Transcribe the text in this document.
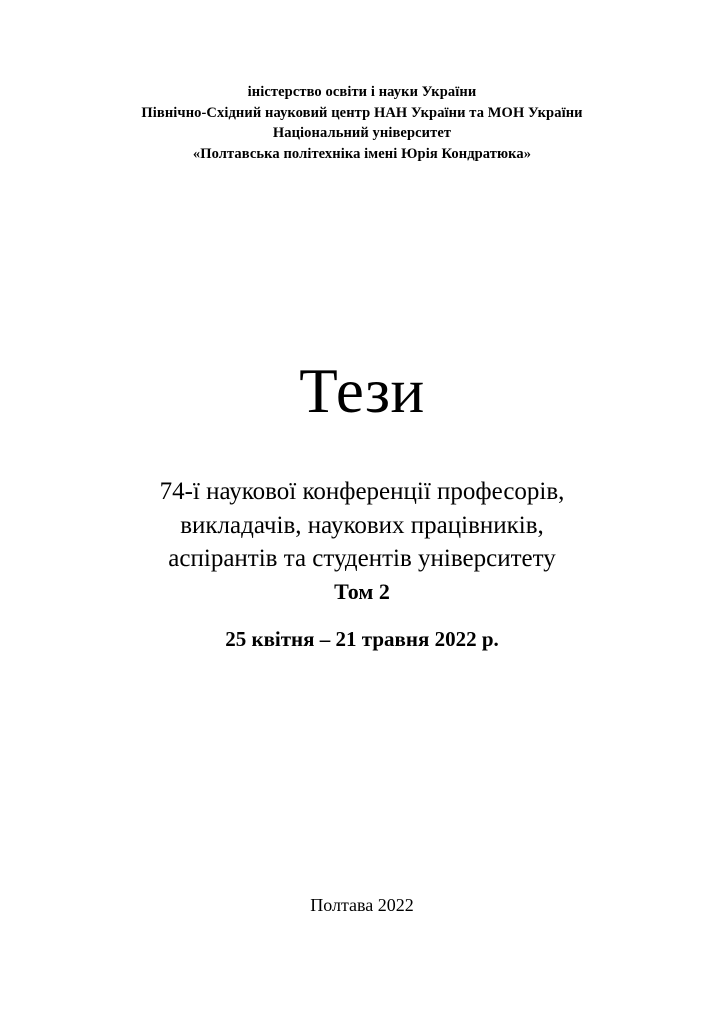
іністерство освіти і науки України
Північно-Східний науковий центр НАН України та МОН України
Національний університет
«Полтавська політехніка імені Юрія Кондратюка»
Тези
74-ї наукової конференції професорів,
викладачів, наукових працівників,
аспірантів та студентів університету
Том 2
25 квітня – 21 травня 2022 р.
Полтава 2022
